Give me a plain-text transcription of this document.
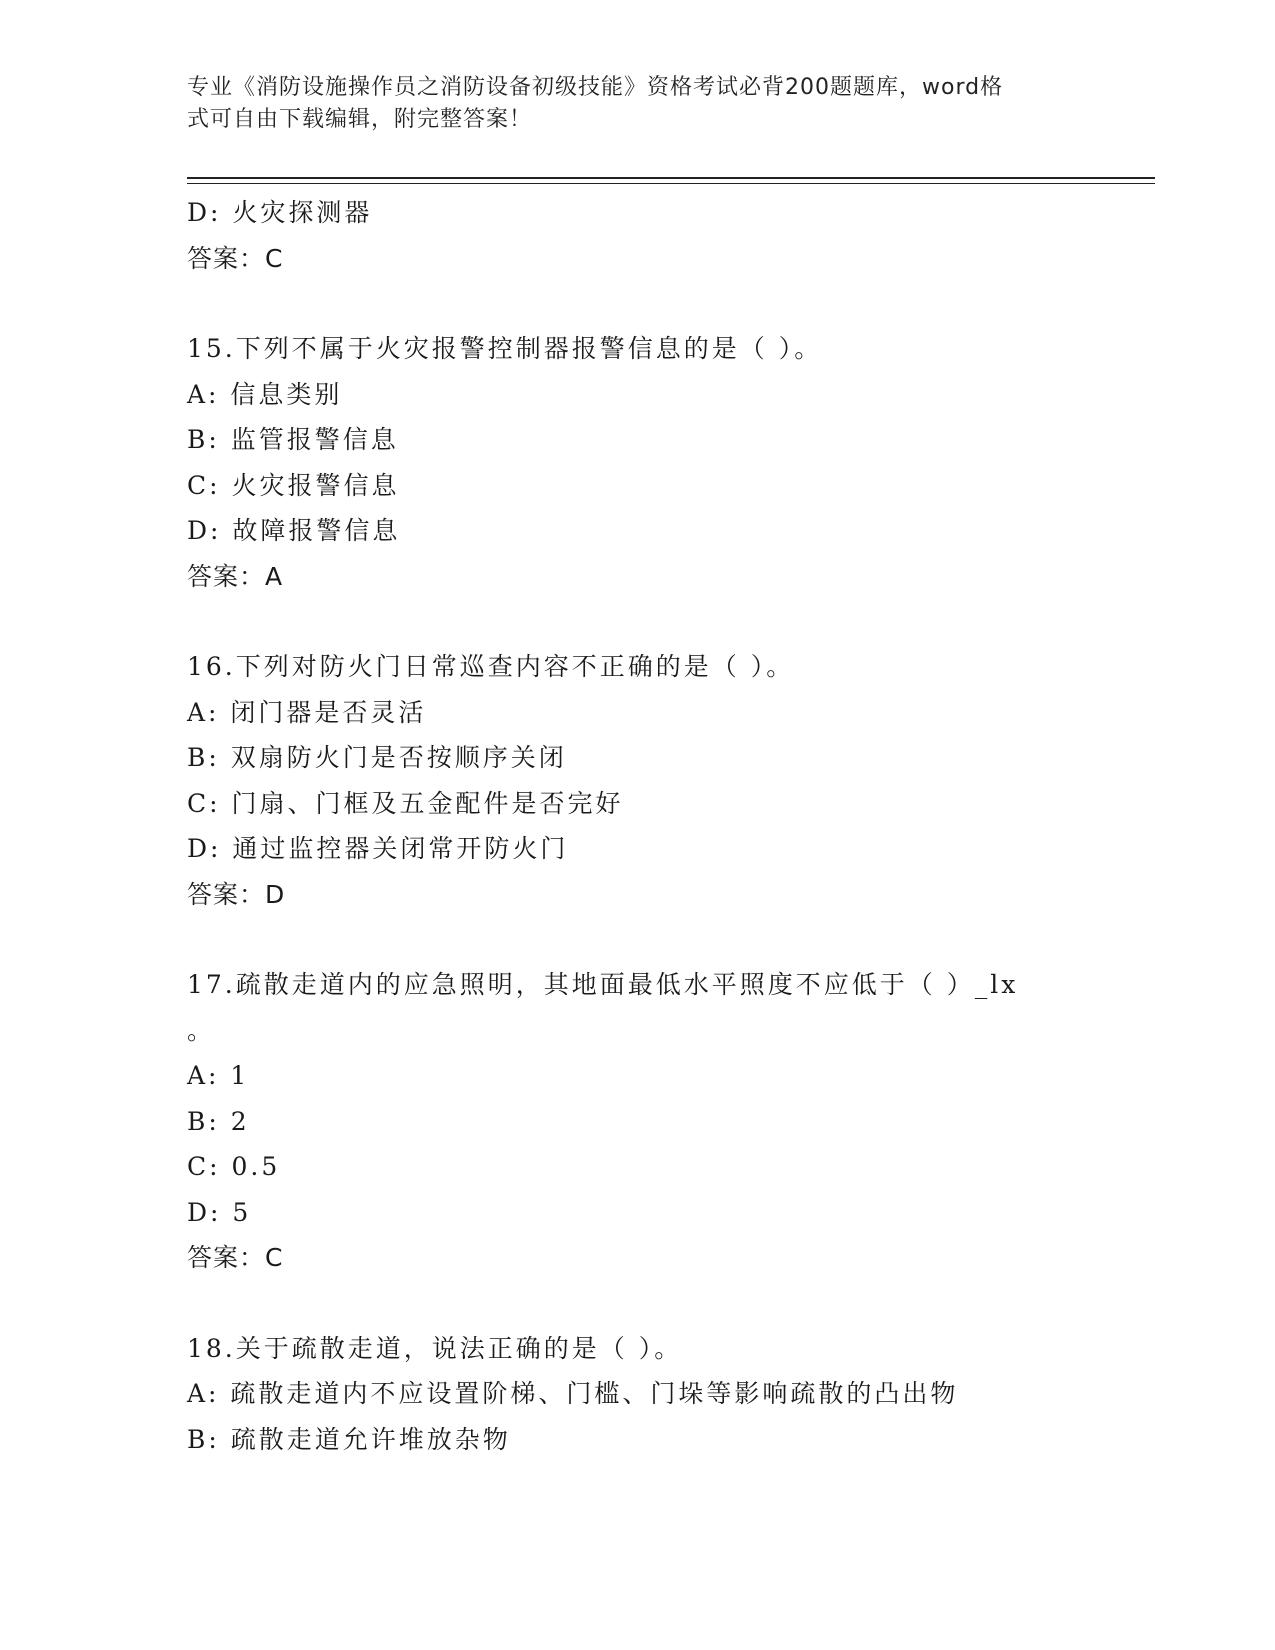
专业《消防设施操作员之消防设备初级技能》资格考试必背200题题库，word格
式可自由下载编辑，附完整答案！
D: 火灾探测器
答案：C
15.下列不属于火灾报警控制器报警信息的是（ ）。
A: 信息类别
B: 监管报警信息
C: 火灾报警信息
D: 故障报警信息
答案：A
16.下列对防火门日常巡查内容不正确的是（ ）。
A: 闭门器是否灵活
B: 双扇防火门是否按顺序关闭
C: 门扇、门框及五金配件是否完好
D: 通过监控器关闭常开防火门
答案：D
17.疏散走道内的应急照明，其地面最低水平照度不应低于（ ）_lx
。
A: 1
B: 2
C: 0.5
D: 5
答案：C
18.关于疏散走道，说法正确的是（ ）。
A: 疏散走道内不应设置阶梯、门槛、门垛等影响疏散的凸出物
B: 疏散走道允许堆放杂物
